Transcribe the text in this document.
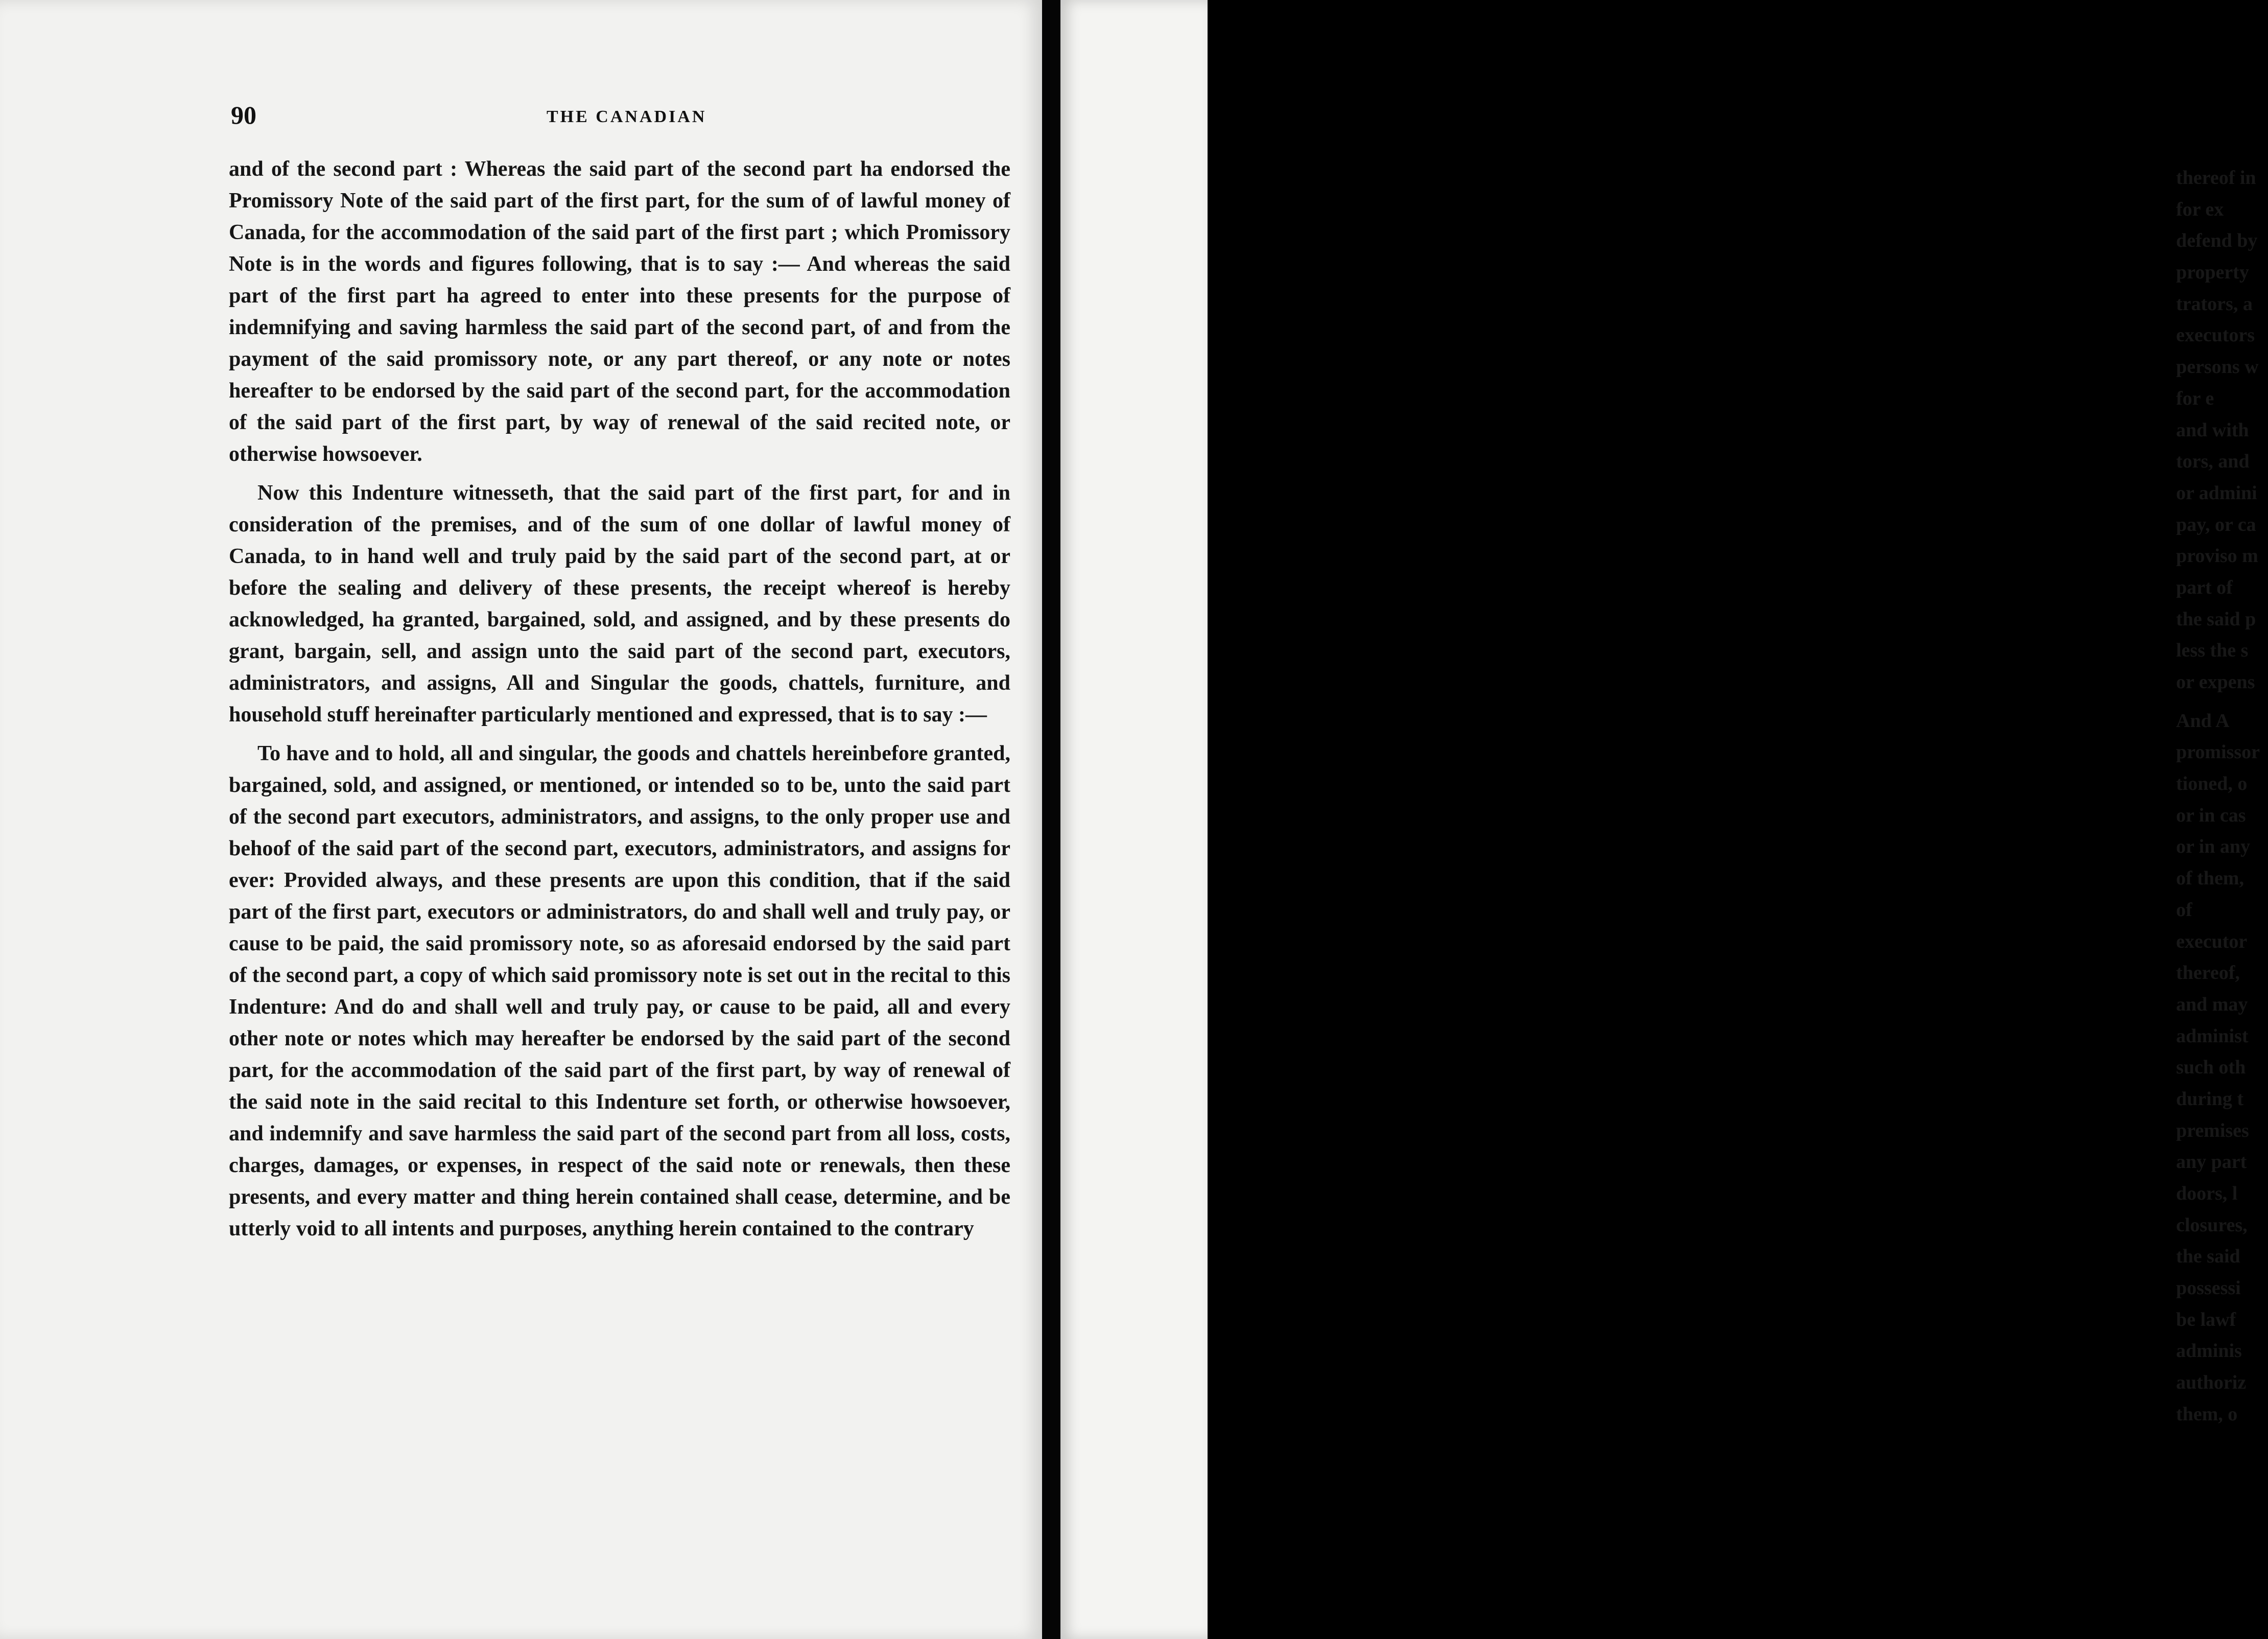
90	THE CANADIAN

and of the second part : Whereas the said part of the second part ha endorsed the Promissory Note of the said part of the first part, for the sum of of lawful money of Canada, for the accommodation of the said part of the first part ; which Promissory Note is in the words and figures following, that is to say :— And whereas the said part of the first part ha agreed to enter into these presents for the purpose of indemnifying and saving harmless the said part of the second part, of and from the payment of the said promissory note, or any part thereof, or any note or notes hereafter to be endorsed by the said part of the second part, for the accommodation of the said part of the first part, by way of renewal of the said recited note, or otherwise howsoever.

Now this Indenture witnesseth, that the said part of the first part, for and in consideration of the premises, and of the sum of one dollar of lawful money of Canada, to in hand well and truly paid by the said part of the second part, at or before the sealing and delivery of these presents, the receipt whereof is hereby acknowledged, ha granted, bargained, sold, and assigned, and by these presents do grant, bargain, sell, and assign unto the said part of the second part, executors, administrators, and assigns, All and Singular the goods, chattels, furniture, and household stuff hereinafter particularly mentioned and expressed, that is to say :—

To have and to hold, all and singular, the goods and chattels hereinbefore granted, bargained, sold, and assigned, or mentioned, or intended so to be, unto the said part of the second part executors, administrators, and assigns, to the only proper use and behoof of the said part of the second part, executors, administrators, and assigns for ever: Provided always, and these presents are upon this condition, that if the said part of the first part, executors or administrators, do and shall well and truly pay, or cause to be paid, the said promissory note, so as aforesaid endorsed by the said part of the second part, a copy of which said promissory note is set out in the recital to this Indenture: And do and shall well and truly pay, or cause to be paid, all and every other note or notes which may hereafter be endorsed by the said part of the second part, for the accommodation of the said part of the first part, by way of renewal of the said note in the said recital to this Indenture set forth, or otherwise howsoever, and indemnify and save harmless the said part of the second part from all loss, costs, charges, damages, or expenses, in respect of the said note or renewals, then these presents, and every matter and thing herein contained shall cease, determine, and be utterly void to all intents and purposes, anything herein contained to the contrary

thereof in
for ex
defend by
property
trators, a
executors
persons w
for e
and with
tors, and
or admini
pay, or ca
proviso m
part of
the said p
less the s
or expens
And A
promissor
tioned, o
or in cas
or in any
of them,
of
executor
thereof,
and may
administ
such oth
during t
premises
any part
doors, l
closures,
the said
possessi
be lawf
adminis
authoriz
them, o
